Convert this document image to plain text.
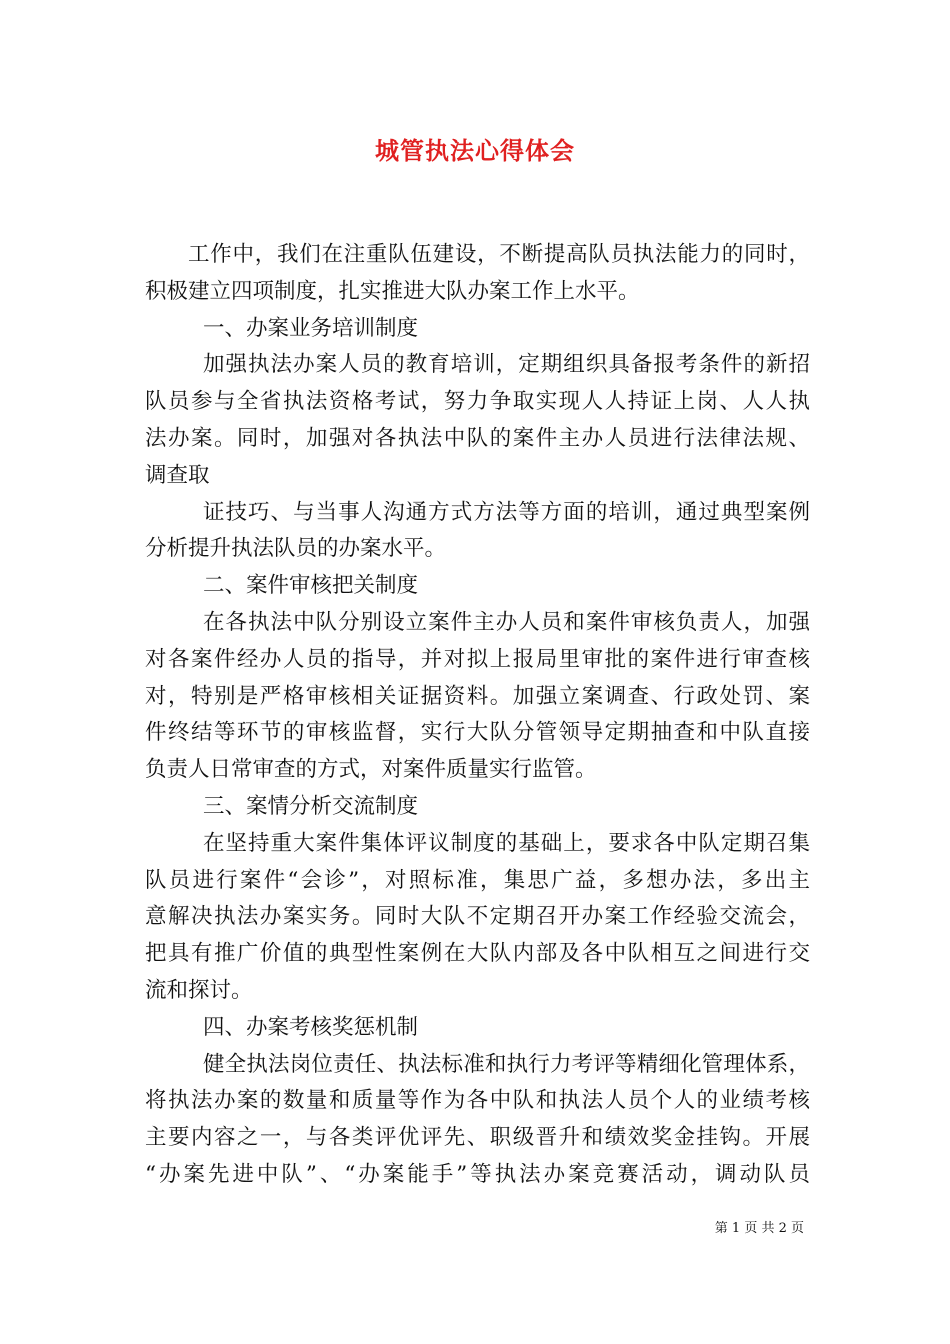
城管执法心得体会
工作中，我们在注重队伍建设，不断提高队员执法能力的同时，
积极建立四项制度，扎实推进大队办案工作上水平。
一、办案业务培训制度
加强执法办案人员的教育培训，定期组织具备报考条件的新招
队员参与全省执法资格考试，努力争取实现人人持证上岗、人人执
法办案。同时，加强对各执法中队的案件主办人员进行法律法规、
调查取
证技巧、与当事人沟通方式方法等方面的培训，通过典型案例
分析提升执法队员的办案水平。
二、案件审核把关制度
在各执法中队分别设立案件主办人员和案件审核负责人，加强
对各案件经办人员的指导，并对拟上报局里审批的案件进行审查核
对，特别是严格审核相关证据资料。加强立案调查、行政处罚、案
件终结等环节的审核监督，实行大队分管领导定期抽查和中队直接
负责人日常审查的方式，对案件质量实行监管。
三、案情分析交流制度
在坚持重大案件集体评议制度的基础上，要求各中队定期召集
队员进行案件“会诊”，对照标准，集思广益，多想办法，多出主
意解决执法办案实务。同时大队不定期召开办案工作经验交流会，
把具有推广价值的典型性案例在大队内部及各中队相互之间进行交
流和探讨。
四、办案考核奖惩机制
健全执法岗位责任、执法标准和执行力考评等精细化管理体系，
将执法办案的数量和质量等作为各中队和执法人员个人的业绩考核
主要内容之一，与各类评优评先、职级晋升和绩效奖金挂钩。开展
“办案先进中队”、“办案能手”等执法办案竞赛活动，调动队员
第 1 页 共 2 页
